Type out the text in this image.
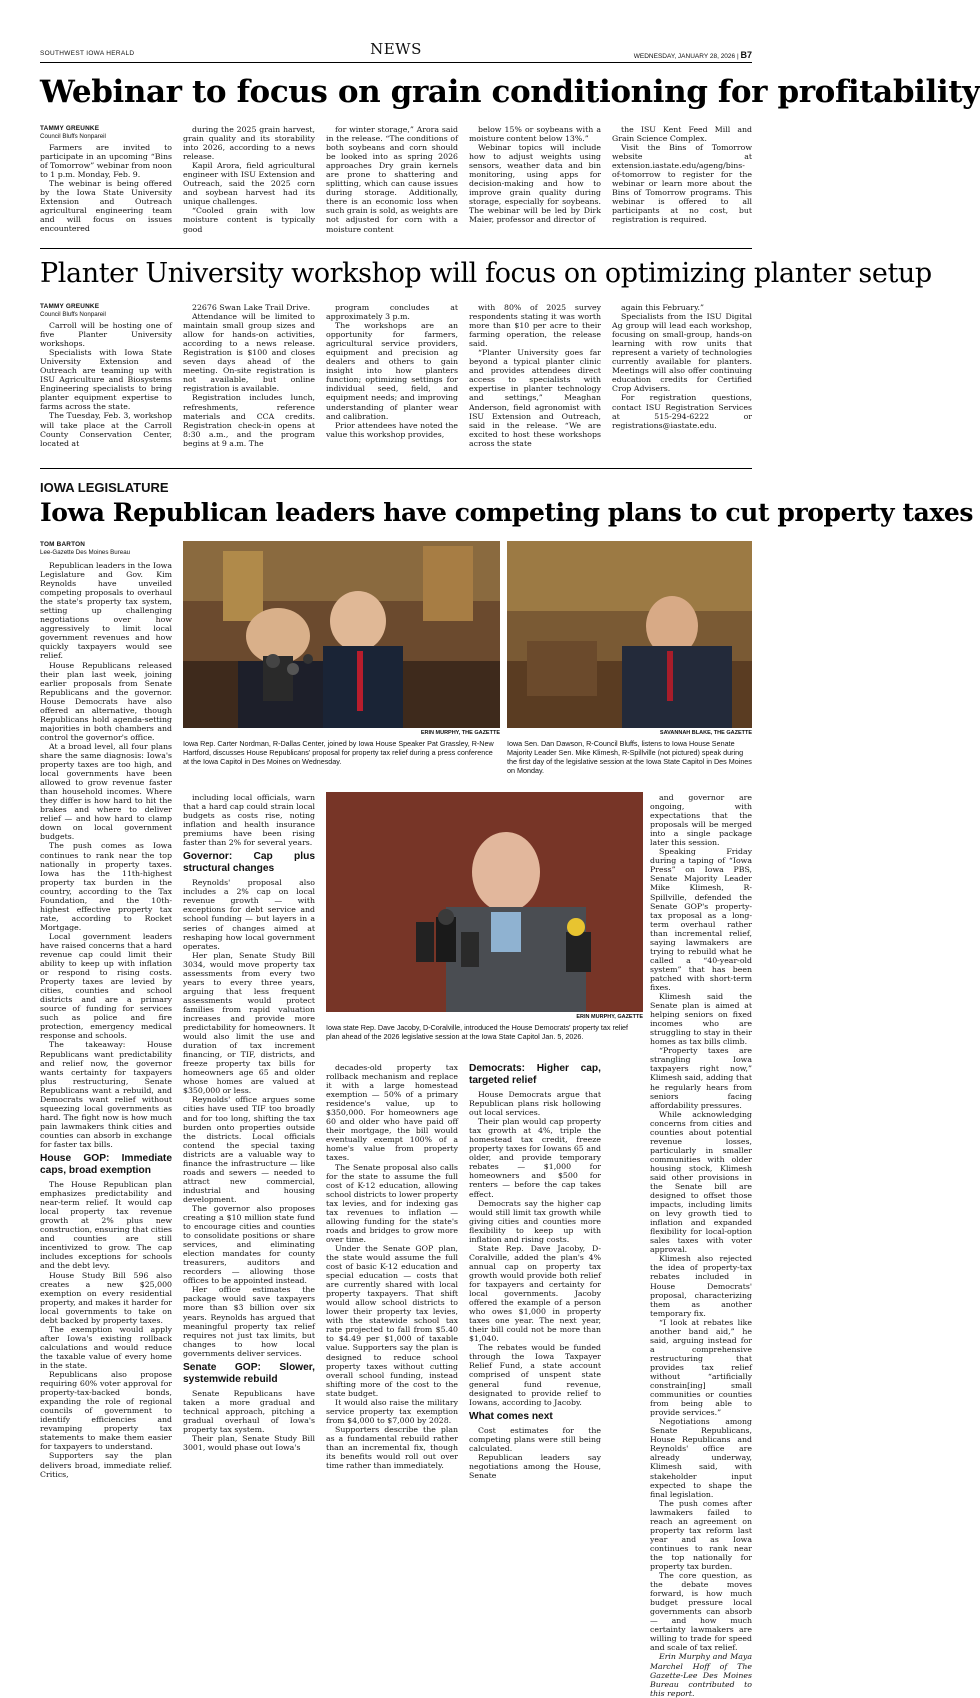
SOUTHWEST IOWA HERALD	NEWS	WEDNESDAY, JANUARY 28, 2026 | B7
Webinar to focus on grain conditioning for profitability
TAMMY GREUNKE
Council Bluffs Nonpareil

Farmers are invited to participate in an upcoming “Bins of Tomorrow” webinar from noon to 1 p.m. Monday, Feb. 9.

The webinar is being offered by the Iowa State University Extension and Outreach agricultural engineering team and will focus on issues encountered

during the 2025 grain harvest, grain quality and its storability into 2026, according to a news release.

Kapil Arora, field agricultural engineer with ISU Extension and Outreach, said the 2025 corn and soybean harvest had its unique challenges.

“Cooled grain with low moisture content is typically good

for winter storage,” Arora said in the release. “The conditions of both soybeans and corn should be looked into as spring 2026 approaches Dry grain kernels are prone to shattering and splitting, which can cause issues during storage. Additionally, there is an economic loss when such grain is sold, as weights are not adjusted for corn with a moisture content

below 15% or soybeans with a moisture content below 13%.”

Webinar topics will include how to adjust weights using sensors, weather data and bin monitoring, using apps for decision-making and how to improve grain quality during storage, especially for soybeans. The webinar will be led by Dirk Maier, professor and director of

the ISU Kent Feed Mill and Grain Science Complex.

Visit the Bins of Tomorrow website at extension.iastate.edu/ageng/bins-of-tomorrow to register for the webinar or learn more about the Bins of Tomorrow programs. This webinar is offered to all participants at no cost, but registration is required.

Planter University workshop will focus on optimizing planter setup
TAMMY GREUNKE
Council Bluffs Nonpareil

Carroll will be hosting one of five Planter University workshops.

Specialists with Iowa State University Extension and Outreach are teaming up with ISU Agriculture and Biosystems Engineering specialists to bring planter equipment expertise to farms across the state.

The Tuesday, Feb. 3, workshop will take place at the Carroll County Conservation Center, located at

22676 Swan Lake Trail Drive.

Attendance will be limited to maintain small group sizes and allow for hands-on activities, according to a news release. Registration is $100 and closes seven days ahead of the meeting. On-site registration is not available, but online registration is available.

Registration includes lunch, refreshments, reference materials and CCA credits. Registration check-in opens at 8:30 a.m., and the program begins at 9 a.m. The

program concludes at approximately 3 p.m.

The workshops are an opportunity for farmers, agricultural service providers, equipment and precision ag dealers and others to gain insight into how planters function; optimizing settings for individual seed, field, and equipment needs; and improving understanding of planter wear and calibration.

Prior attendees have noted the value this workshop provides,

with 80% of 2025 survey respondents stating it was worth more than $10 per acre to their farming operation, the release said.

“Planter University goes far beyond a typical planter clinic and provides attendees direct access to specialists with expertise in planter technology and settings,” Meaghan Anderson, field agronomist with ISU Extension and Outreach, said in the release. “We are excited to host these workshops across the state

again this February.”

Specialists from the ISU Digital Ag group will lead each workshop, focusing on small-group, hands-on learning with row units that represent a variety of technologies currently available for planters. Meetings will also offer continuing education credits for Certified Crop Advisers.

For registration questions, contact ISU Registration Services at 515-294-6222 or registrations@iastate.edu.

IOWA LEGISLATURE
Iowa Republican leaders have competing plans to cut property taxes
TOM BARTON
Lee-Gazette Des Moines Bureau
ERIN MURPHY, THE GAZETTE
Iowa Rep. Carter Nordman, R-Dallas Center, joined by Iowa House Speaker Pat Grassley, R-New Hartford, discusses House Republicans' proposal for property tax relief during a press conference at the Iowa Capitol in Des Moines on Wednesday.
SAVANNAH BLAKE, THE GAZETTE
Iowa Sen. Dan Dawson, R-Council Bluffs, listens to Iowa House Senate Majority Leader Sen. Mike Klimesh, R-Spillville (not pictured) speak during the first day of the legislative session at the Iowa State Capitol in Des Moines on Monday.
ERIN MURPHY, GAZETTE
Iowa state Rep. Dave Jacoby, D-Coralville, introduced the House Democrats' property tax relief plan ahead of the 2026 legislative session at the Iowa State Capitol Jan. 5, 2026.

Republican leaders in the Iowa Legislature and Gov. Kim Reynolds have unveiled competing proposals to overhaul the state's property tax system, setting up challenging negotiations over how aggressively to limit local government revenues and how quickly taxpayers would see relief.

House Republicans released their plan last week, joining earlier proposals from Senate Republicans and the governor. House Democrats have also offered an alternative, though Republicans hold agenda-setting majorities in both chambers and control the governor's office.

At a broad level, all four plans share the same diagnosis: Iowa's property taxes are too high, and local governments have been allowed to grow revenue faster than household incomes. Where they differ is how hard to hit the brakes and where to deliver relief — and how hard to clamp down on local government budgets.

The push comes as Iowa continues to rank near the top nationally in property taxes. Iowa has the 11th-highest property tax burden in the country, according to the Tax Foundation, and the 10th-highest effective property tax rate, according to Rocket Mortgage.

Local government leaders have raised concerns that a hard revenue cap could limit their ability to keep up with inflation or respond to rising costs. Property taxes are levied by cities, counties and school districts and are a primary source of funding for services such as police and fire protection, emergency medical response and schools.

The takeaway: House Republicans want predictability and relief now, the governor wants certainty for taxpayers plus restructuring, Senate Republicans want a rebuild, and Democrats want relief without squeezing local governments as hard. The fight now is how much pain lawmakers think cities and counties can absorb in exchange for faster tax bills.

House GOP: Immediate caps, broad exemption

The House Republican plan emphasizes predictability and near-term relief. It would cap local property tax revenue growth at 2% plus new construction, ensuring that cities and counties are still incentivized to grow. The cap includes exceptions for schools and the debt levy.

House Study Bill 596 also creates a new $25,000 exemption on every residential property, and makes it harder for local governments to take on debt backed by property taxes.

The exemption would apply after Iowa's existing rollback calculations and would reduce the taxable value of every home in the state.

Republicans also propose requiring 60% voter approval for property-tax-backed bonds, expanding the role of regional councils of government to identify efficiencies and revamping property tax statements to make them easier for taxpayers to understand.

Supporters say the plan delivers broad, immediate relief. Critics,

including local officials, warn that a hard cap could strain local budgets as costs rise, noting inflation and health insurance premiums have been rising faster than 2% for several years.

Governor: Cap plus structural changes

Reynolds' proposal also includes a 2% cap on local revenue growth — with exceptions for debt service and school funding — but layers in a series of changes aimed at reshaping how local government operates.

Her plan, Senate Study Bill 3034, would move property tax assessments from every two years to every three years, arguing that less frequent assessments would protect families from rapid valuation increases and provide more predictability for homeowners. It would also limit the use and duration of tax increment financing, or TIF, districts, and freeze property tax bills for homeowners age 65 and older whose homes are valued at $350,000 or less.

Reynolds' office argues some cities have used TIF too broadly and for too long, shifting the tax burden onto properties outside the districts. Local officials contend the special taxing districts are a valuable way to finance the infrastructure — like roads and sewers — needed to attract new commercial, industrial and housing development.

The governor also proposes creating a $10 million state fund to encourage cities and counties to consolidate positions or share services, and eliminating election mandates for county treasurers, auditors and recorders — allowing those offices to be appointed instead.

Her office estimates the package would save taxpayers more than $3 billion over six years. Reynolds has argued that meaningful property tax relief requires not just tax limits, but changes to how local governments deliver services.

Senate GOP: Slower, systemwide rebuild

Senate Republicans have taken a more gradual and technical approach, pitching a gradual overhaul of Iowa's property tax system.

Their plan, Senate Study Bill 3001, would phase out Iowa's

decades-old property tax rollback mechanism and replace it with a large homestead exemption — 50% of a primary residence's value, up to $350,000. For homeowners age 60 and older who have paid off their mortgage, the bill would eventually exempt 100% of a home's value from property taxes.

The Senate proposal also calls for the state to assume the full cost of K-12 education, allowing school districts to lower property tax levies, and for indexing gas tax revenues to inflation — allowing funding for the state's roads and bridges to grow more over time.

Under the Senate GOP plan, the state would assume the full cost of basic K-12 education and special education — costs that are currently shared with local property taxpayers. That shift would allow school districts to lower their property tax levies, with the statewide school tax rate projected to fall from $5.40 to $4.49 per $1,000 of taxable value. Supporters say the plan is designed to reduce school property taxes without cutting overall school funding, instead shifting more of the cost to the state budget.

It would also raise the military service property tax exemption from $4,000 to $7,000 by 2028.

Supporters describe the plan as a fundamental rebuild rather than an incremental fix, though its benefits would roll out over time rather than immediately.

Democrats: Higher cap, targeted relief

House Democrats argue that Republican plans risk hollowing out local services.

Their plan would cap property tax growth at 4%, triple the homestead tax credit, freeze property taxes for Iowans 65 and older, and provide temporary rebates — $1,000 for homeowners and $500 for renters — before the cap takes effect.

Democrats say the higher cap would still limit tax growth while giving cities and counties more flexibility to keep up with inflation and rising costs.

State Rep. Dave Jacoby, D-Coralville, added the plan's 4% annual cap on property tax growth would provide both relief for taxpayers and certainty for local governments. Jacoby offered the example of a person who owes $1,000 in property taxes one year. The next year, their bill could not be more than $1,040.

The rebates would be funded through the Iowa Taxpayer Relief Fund, a state account comprised of unspent state general fund revenue, designated to provide relief to Iowans, according to Jacoby.

What comes next

Cost estimates for the competing plans were still being calculated.

Republican leaders say negotiations among the House, Senate

and governor are ongoing, with expectations that the proposals will be merged into a single package later this session.

Speaking Friday during a taping of “Iowa Press” on Iowa PBS, Senate Majority Leader Mike Klimesh, R-Spillville, defended the Senate GOP's property-tax proposal as a long-term overhaul rather than incremental relief, saying lawmakers are trying to rebuild what he called a “40-year-old system” that has been patched with short-term fixes.

Klimesh said the Senate plan is aimed at helping seniors on fixed incomes who are struggling to stay in their homes as tax bills climb.

“Property taxes are strangling Iowa taxpayers right now,” Klimesh said, adding that he regularly hears from seniors facing affordability pressures.

While acknowledging concerns from cities and counties about potential revenue losses, particularly in smaller communities with older housing stock, Klimesh said other provisions in the Senate bill are designed to offset those impacts, including limits on levy growth tied to inflation and expanded flexibility for local-option sales taxes with voter approval.

Klimesh also rejected the idea of property-tax rebates included in House Democrats' proposal, characterizing them as another temporary fix.

“I look at rebates like another band aid,” he said, arguing instead for a comprehensive restructuring that provides tax relief without “artificially constrain[ing] small communities or counties from being able to provide services.”

Negotiations among Senate Republicans, House Republicans and Reynolds' office are already underway, Klimesh said, with stakeholder input expected to shape the final legislation.

The push comes after lawmakers failed to reach an agreement on property tax reform last year and as Iowa continues to rank near the top nationally for property tax burden.

The core question, as the debate moves forward, is how much budget pressure local governments can absorb — and how much certainty lawmakers are willing to trade for speed and scale of tax relief.

Erin Murphy and Maya Marchel Hoff of The Gazette-Lee Des Moines Bureau contributed to this report.
